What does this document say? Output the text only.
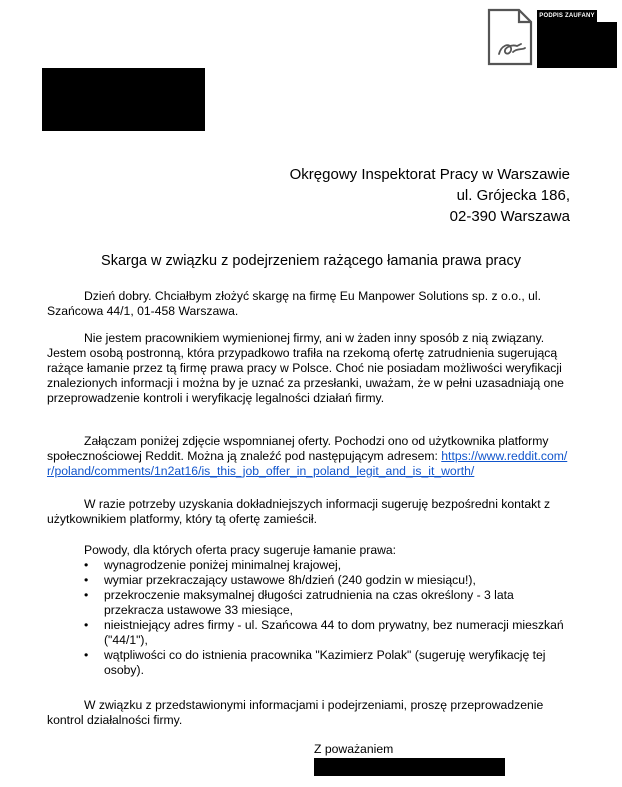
PODPIS ZAUFANY
Okręgowy Inspektorat Pracy w Warszawie
ul. Grójecka 186,
02-390 Warszawa
Skarga w związku z podejrzeniem rażącego łamania prawa pracy

Dzień dobry. Chciałbym złożyć skargę na firmę Eu Manpower Solutions sp. z o.o., ul. Szańcowa 44/1, 01-458 Warszawa.

Nie jestem pracownikiem wymienionej firmy, ani w żaden inny sposób z nią związany. Jestem osobą postronną, która przypadkowo trafiła na rzekomą ofertę zatrudnienia sugerującą rażące łamanie przez tą firmę prawa pracy w Polsce. Choć nie posiadam możliwości weryfikacji znalezionych informacji i można by je uznać za przesłanki, uważam, że w pełni uzasadniają one przeprowadzenie kontroli i weryfikację legalności działań firmy.

Załączam poniżej zdjęcie wspomnianej oferty. Pochodzi ono od użytkownika platformy społecznościowej Reddit. Można ją znaleźć pod następującym adresem: https://www.reddit.com/r/poland/comments/1n2at16/is_this_job_offer_in_poland_legit_and_is_it_worth/

W razie potrzeby uzyskania dokładniejszych informacji sugeruję bezpośredni kontakt z użytkownikiem platformy, który tą ofertę zamieścił.

Powody, dla których oferta pracy sugeruje łamanie prawa:
• wynagrodzenie poniżej minimalnej krajowej,
• wymiar przekraczający ustawowe 8h/dzień (240 godzin w miesiącu!),
• przekroczenie maksymalnej długości zatrudnienia na czas określony - 3 lata przekracza ustawowe 33 miesiące,
• nieistniejący adres firmy - ul. Szańcowa 44 to dom prywatny, bez numeracji mieszkań ("44/1"),
• wątpliwości co do istnienia pracownika "Kazimierz Polak" (sugeruję weryfikację tej osoby).

W związku z przedstawionymi informacjami i podejrzeniami, proszę przeprowadzenie kontrol działalności firmy.

Z poważaniem
